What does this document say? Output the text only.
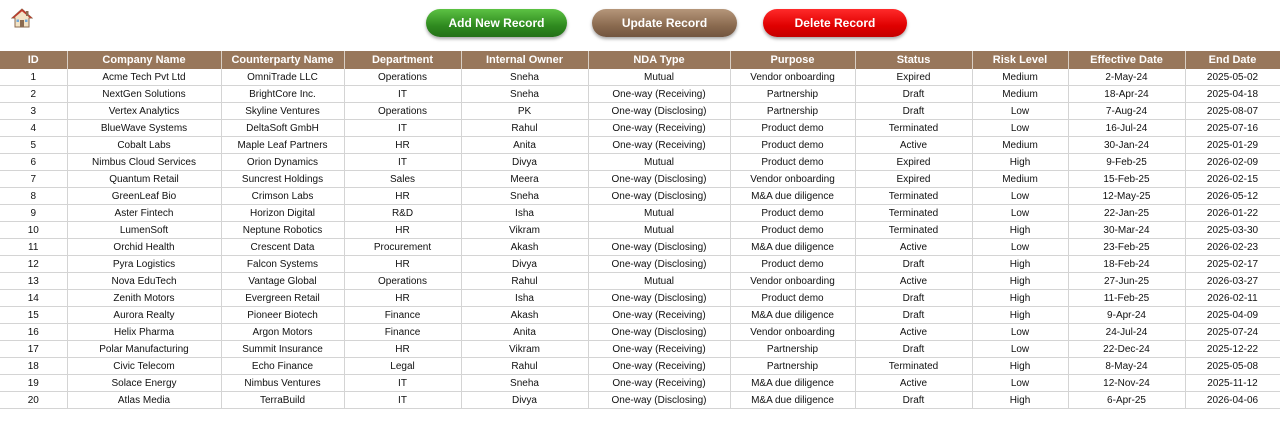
Add New Record	Update Record	Delete Record
ID	Company Name	Counterparty Name	Department	Internal Owner	NDA Type	Purpose	Status	Risk Level	Effective Date	End Date
1	Acme Tech Pvt Ltd	OmniTrade LLC	Operations	Sneha	Mutual	Vendor onboarding	Expired	Medium	2-May-24	2025-05-02
2	NextGen Solutions	BrightCore Inc.	IT	Sneha	One-way (Receiving)	Partnership	Draft	Medium	18-Apr-24	2025-04-18
3	Vertex Analytics	Skyline Ventures	Operations	PK	One-way (Disclosing)	Partnership	Draft	Low	7-Aug-24	2025-08-07
4	BlueWave Systems	DeltaSoft GmbH	IT	Rahul	One-way (Receiving)	Product demo	Terminated	Low	16-Jul-24	2025-07-16
5	Cobalt Labs	Maple Leaf Partners	HR	Anita	One-way (Receiving)	Product demo	Active	Medium	30-Jan-24	2025-01-29
6	Nimbus Cloud Services	Orion Dynamics	IT	Divya	Mutual	Product demo	Expired	High	9-Feb-25	2026-02-09
7	Quantum Retail	Suncrest Holdings	Sales	Meera	One-way (Disclosing)	Vendor onboarding	Expired	Medium	15-Feb-25	2026-02-15
8	GreenLeaf Bio	Crimson Labs	HR	Sneha	One-way (Disclosing)	M&A due diligence	Terminated	Low	12-May-25	2026-05-12
9	Aster Fintech	Horizon Digital	R&D	Isha	Mutual	Product demo	Terminated	Low	22-Jan-25	2026-01-22
10	LumenSoft	Neptune Robotics	HR	Vikram	Mutual	Product demo	Terminated	High	30-Mar-24	2025-03-30
11	Orchid Health	Crescent Data	Procurement	Akash	One-way (Disclosing)	M&A due diligence	Active	Low	23-Feb-25	2026-02-23
12	Pyra Logistics	Falcon Systems	HR	Divya	One-way (Disclosing)	Product demo	Draft	High	18-Feb-24	2025-02-17
13	Nova EduTech	Vantage Global	Operations	Rahul	Mutual	Vendor onboarding	Active	High	27-Jun-25	2026-03-27
14	Zenith Motors	Evergreen Retail	HR	Isha	One-way (Disclosing)	Product demo	Draft	High	11-Feb-25	2026-02-11
15	Aurora Realty	Pioneer Biotech	Finance	Akash	One-way (Receiving)	M&A due diligence	Draft	High	9-Apr-24	2025-04-09
16	Helix Pharma	Argon Motors	Finance	Anita	One-way (Disclosing)	Vendor onboarding	Active	Low	24-Jul-24	2025-07-24
17	Polar Manufacturing	Summit Insurance	HR	Vikram	One-way (Receiving)	Partnership	Draft	Low	22-Dec-24	2025-12-22
18	Civic Telecom	Echo Finance	Legal	Rahul	One-way (Receiving)	Partnership	Terminated	High	8-May-24	2025-05-08
19	Solace Energy	Nimbus Ventures	IT	Sneha	One-way (Receiving)	M&A due diligence	Active	Low	12-Nov-24	2025-11-12
20	Atlas Media	TerraBuild	IT	Divya	One-way (Disclosing)	M&A due diligence	Draft	High	6-Apr-25	2026-04-06
